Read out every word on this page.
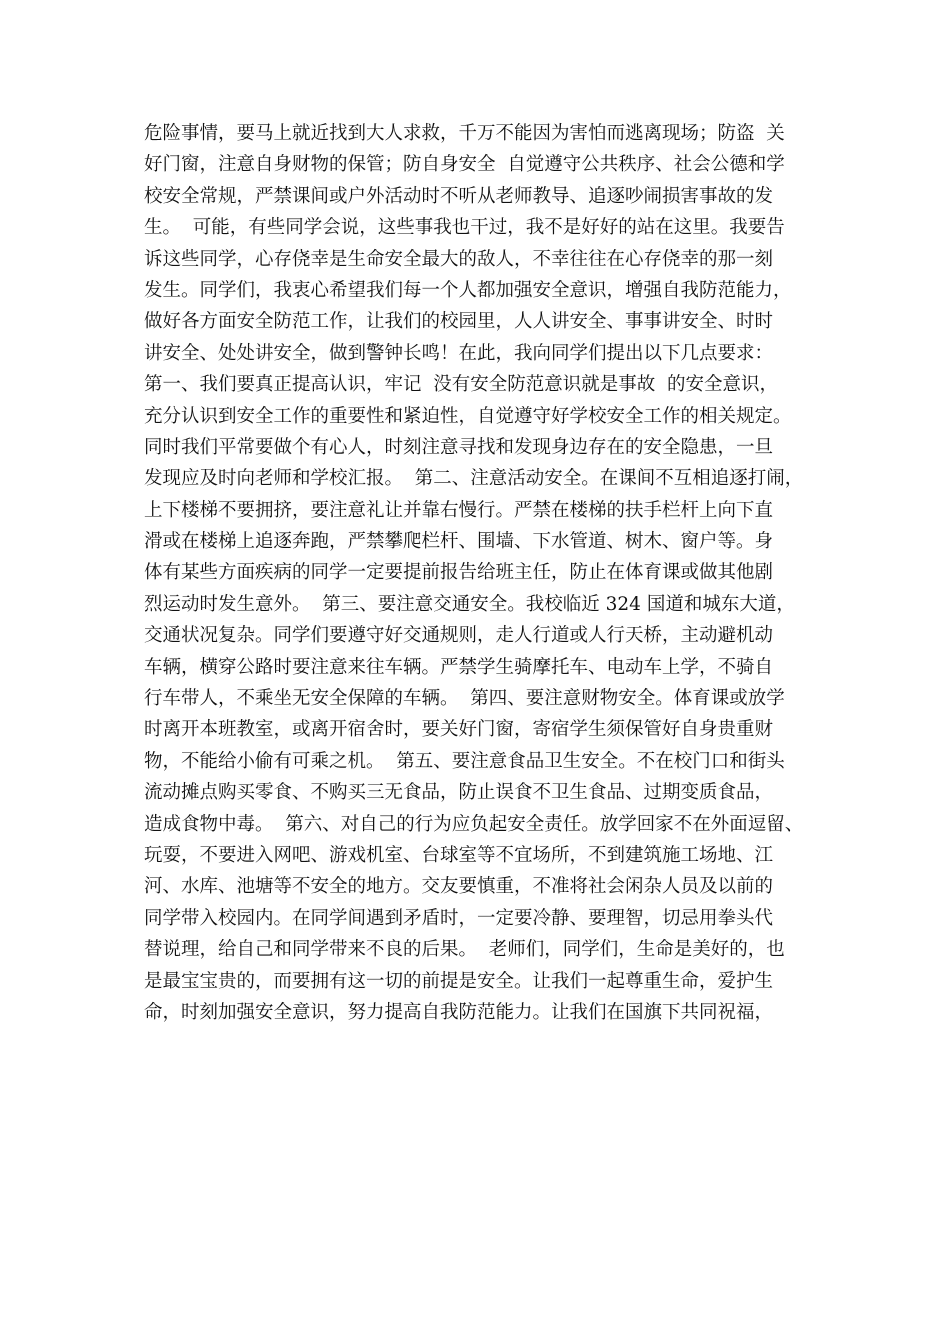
危险事情，要马上就近找到大人求救，千万不能因为害怕而逃离现场；防盗  关
好门窗，注意自身财物的保管；防自身安全  自觉遵守公共秩序、社会公德和学
校安全常规，严禁课间或户外活动时不听从老师教导、追逐吵闹损害事故的发
生。  可能，有些同学会说，这些事我也干过，我不是好好的站在这里。我要告
诉这些同学，心存侥幸是生命安全最大的敌人，不幸往往在心存侥幸的那一刻
发生。同学们，我衷心希望我们每一个人都加强安全意识，增强自我防范能力，
做好各方面安全防范工作，让我们的校园里，人人讲安全、事事讲安全、时时
讲安全、处处讲安全，做到警钟长鸣！在此，我向同学们提出以下几点要求：
第一、我们要真正提高认识，牢记  没有安全防范意识就是事故  的安全意识，
充分认识到安全工作的重要性和紧迫性，自觉遵守好学校安全工作的相关规定。
同时我们平常要做个有心人，时刻注意寻找和发现身边存在的安全隐患，一旦
发现应及时向老师和学校汇报。  第二、注意活动安全。在课间不互相追逐打闹，
上下楼梯不要拥挤，要注意礼让并靠右慢行。严禁在楼梯的扶手栏杆上向下直
滑或在楼梯上追逐奔跑，严禁攀爬栏杆、围墙、下水管道、树木、窗户等。身
体有某些方面疾病的同学一定要提前报告给班主任，防止在体育课或做其他剧
烈运动时发生意外。  第三、要注意交通安全。我校临近 324 国道和城东大道，
交通状况复杂。同学们要遵守好交通规则，走人行道或人行天桥，主动避机动
车辆，横穿公路时要注意来往车辆。严禁学生骑摩托车、电动车上学，不骑自
行车带人，不乘坐无安全保障的车辆。  第四、要注意财物安全。体育课或放学
时离开本班教室，或离开宿舍时，要关好门窗，寄宿学生须保管好自身贵重财
物，不能给小偷有可乘之机。  第五、要注意食品卫生安全。不在校门口和街头
流动摊点购买零食、不购买三无食品，防止误食不卫生食品、过期变质食品，
造成食物中毒。  第六、对自己的行为应负起安全责任。放学回家不在外面逗留、
玩耍，不要进入网吧、游戏机室、台球室等不宜场所，不到建筑施工场地、江
河、水库、池塘等不安全的地方。交友要慎重，不准将社会闲杂人员及以前的
同学带入校园内。在同学间遇到矛盾时，一定要冷静、要理智，切忌用拳头代
替说理，给自己和同学带来不良的后果。  老师们，同学们，生命是美好的，也
是最宝宝贵的，而要拥有这一切的前提是安全。让我们一起尊重生命，爱护生
命，时刻加强安全意识，努力提高自我防范能力。让我们在国旗下共同祝福，
